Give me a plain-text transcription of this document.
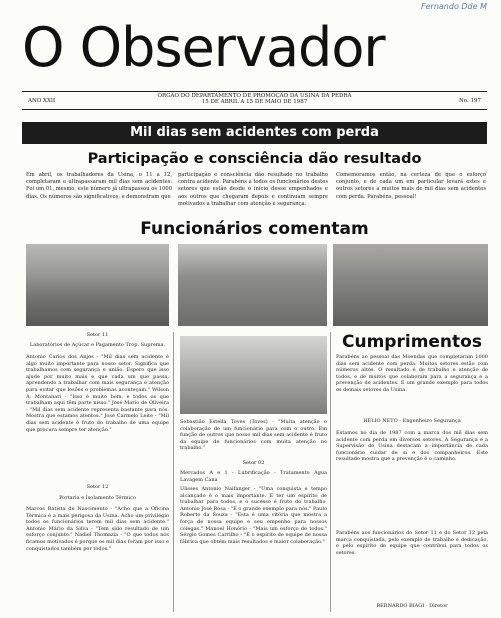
Fernando Dde M
O Observador
ÓRGÃO DO DEPARTAMENTO DE PROMOÇÃO DA USINA DA PEDRA
15 DE ABRIL A 15 DE MAIO DE 1987
ANO XXII	No. 197
Mil dias sem acidentes com perda
Participação e consciência dão resultado
Em abril, os trabalhadores da Usina, o 11 a 12, completaram e ultrapassaram mil dias sem acidentes. Foi um 01, mesmo, este número já ultrapassou os 1000 dias. Os números são significativos, e demonstram que
participação e consciência dão resultado no trabalho contra acidente. Parabéns a todos os funcionários destes setores que estão desde o início desse empenhados e aos outros que chegaram depois e continuam sempre motivados a trabalhar com atenção e segurança.
Comemoramos então, na certeza de que o esforço conjunto, e de cada um em particular levará estes e outros setores a muitos mais de mil dias sem acidentes com perda. Parabéns, pessoal!
Funcionários comentam
Setor 11
Laboratórios de Açúcar e Pagamento Trop. Suprema.
Antonio Carlos dos Anjos - "Mil dias sem acidente é algo muito importante para nosso setor. Significa que trabalhamos com segurança e união. Espero que isso ajude por muito mais e que cada um que passa, aprendendo a trabalhar com mais segurança e atenção para evitar que lesões e problemas aconteçam." Wilson A. Montanari - "Isso é muito bom, e todos os que trabalham aqui têm parte nisso." José Mario de Oliveira - "Mil dias sem acidente representa bastante para nós. Mostra que estamos atentos." José Carmelo Leite - "Mil dias sem acidente é fruto do trabalho de uma equipe que procura sempre ter atenção."
Setor 12
Portaria e Isolamento Térmico
Marcos Batista de Nascimento - "Acho que a Oficina Térmica é a mais perigosa da Usina. Acho um privilégio todos os funcionários terem mil dias sem acidente." Antonio Mário da Silva - "Tem sido resultado de um esforço conjunto." Nadiel Thomazia - "O que todos nós ficamos motivados é porque os mil dias foram por isso e conquistados também por todos."
Sebastião Estella Toves (Toves) - "Muita atenção e colaboração de um funcionário para com o outro. Em função de outros que nosso mil dias sem acidente é fruto da equipe de funcionários com muita atenção no trabalho."
Setor 02
Mercados A e 1 - Lubrificação - Tratamento Água Lavagem Cana
Ulisses Antonio Naifanger - "Uma conquista e tempo alcançado é o mais importante. E ter um espírito de trabalhar para todos, e o sucesso é fruto do trabalho. Antonio José Rosa - "É o grande exemplo para nós." Paulo Roberto da Souza - "Esta é uma vitória que mostra a força de nossa equipe e seu empenho para nossos colegas." Manoel Honório - "Mais um esforço de todos." Sérgio Gomes Carrilho - "É o espírito de equipe de nossa fábrica que obtém mais resultados e maior colaboração."
Cumprimentos
Parabéns ao pessoal das Moendas que completaram 1000 dias sem acidente com perda. Muitos setores estão com números altos. O resultado é de trabalho e atenção de todos, e de muitos que colaboram para a segurança e a prevenção de acidentes. É um grande exemplo para todos os demais setores da Usina.
HÉLIO NETO - Engenheiro Segurança
Estamos no dia de 1987 com a marca dos mil dias sem acidente com perda em diversos setores. A Segurança e a Supervisão de Usina destacam a importância de cada funcionário cuidar de si e dos companheiros. Este resultado mostra que a prevenção é o caminho.
Parabéns aos funcionários do Setor 11 e do Setor 12 pela marca conquistada, pelo exemplo de trabalho e dedicação, e pelo espírito de equipe que contribui para todos os setores.
BERNARDO BIAGI - Diretor
